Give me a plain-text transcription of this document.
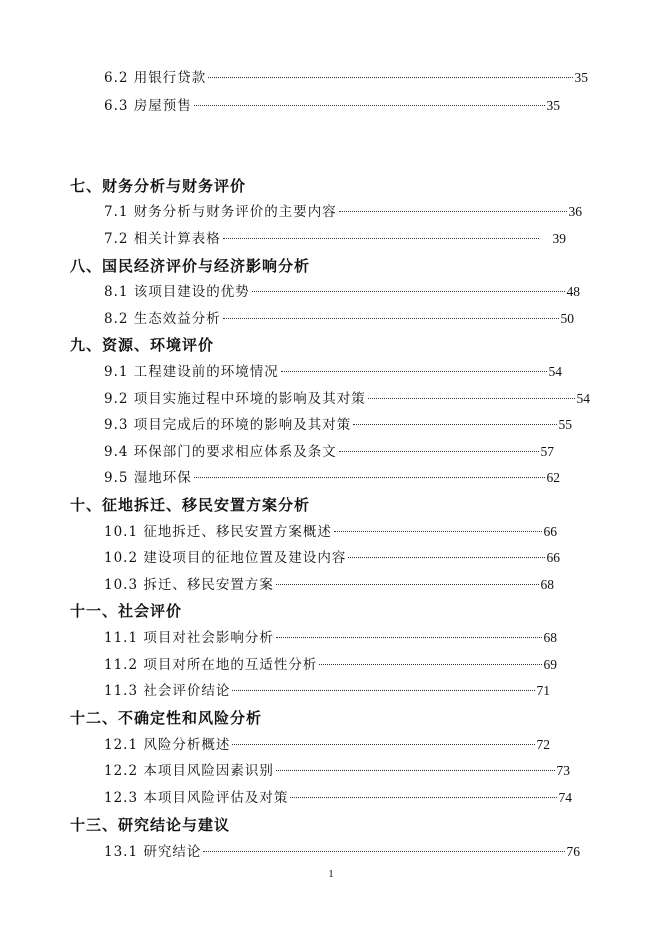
6.2 用银行贷款	35
6.3 房屋预售	35
七、财务分析与财务评价
7.1 财务分析与财务评价的主要内容	36
7.2 相关计算表格	39
八、国民经济评价与经济影响分析
8.1 该项目建设的优势	48
8.2 生态效益分析	50
九、资源、环境评价
9.1 工程建设前的环境情况	54
9.2 项目实施过程中环境的影响及其对策	54
9.3 项目完成后的环境的影响及其对策	55
9.4 环保部门的要求相应体系及条文	57
9.5 湿地环保	62
十、征地拆迁、移民安置方案分析
10.1 征地拆迁、移民安置方案概述	66
10.2 建设项目的征地位置及建设内容	66
10.3 拆迁、移民安置方案	68
十一、社会评价
11.1 项目对社会影响分析	68
11.2 项目对所在地的互适性分析	69
11.3 社会评价结论	71
十二、不确定性和风险分析
12.1 风险分析概述	72
12.2 本项目风险因素识别	73
12.3 本项目风险评估及对策	74
十三、研究结论与建议
13.1 研究结论	76
1
